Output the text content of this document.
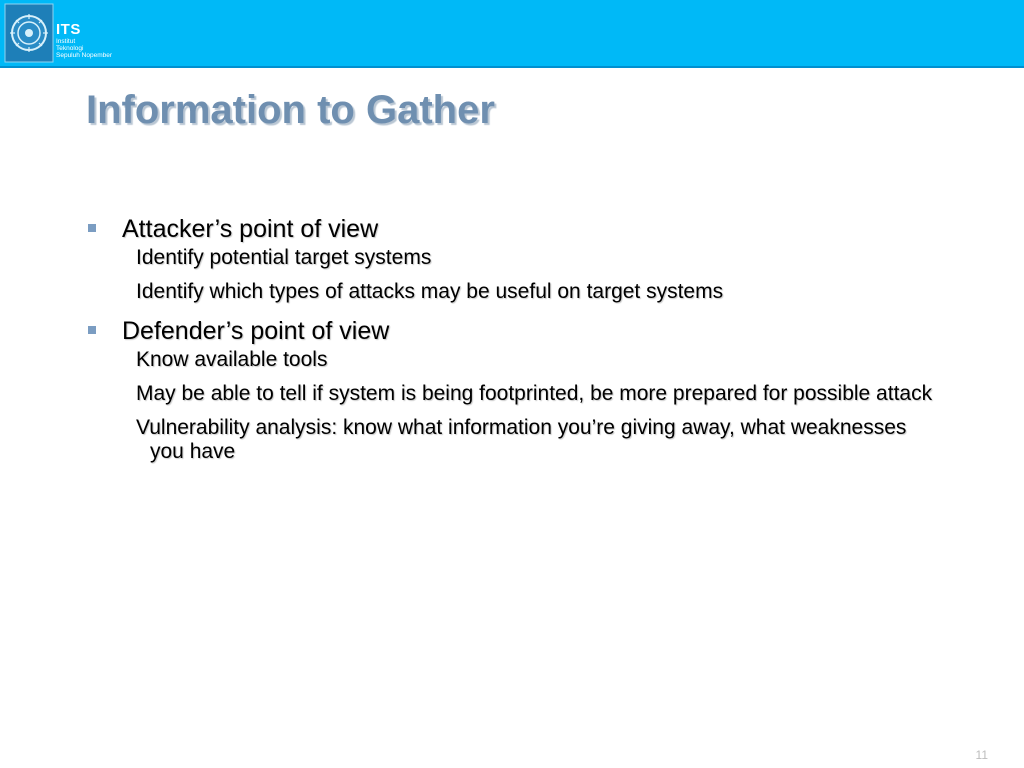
ITS
Institut
Teknologi
Sepuluh Nopember
Information to Gather
Attacker’s point of view
Identify potential target systems
Identify which types of attacks may be useful on target systems
Defender’s point of view
Know available tools
May be able to tell if system is being footprinted, be more prepared for possible attack
Vulnerability analysis: know what information you’re giving away, what weaknesses you have
11
